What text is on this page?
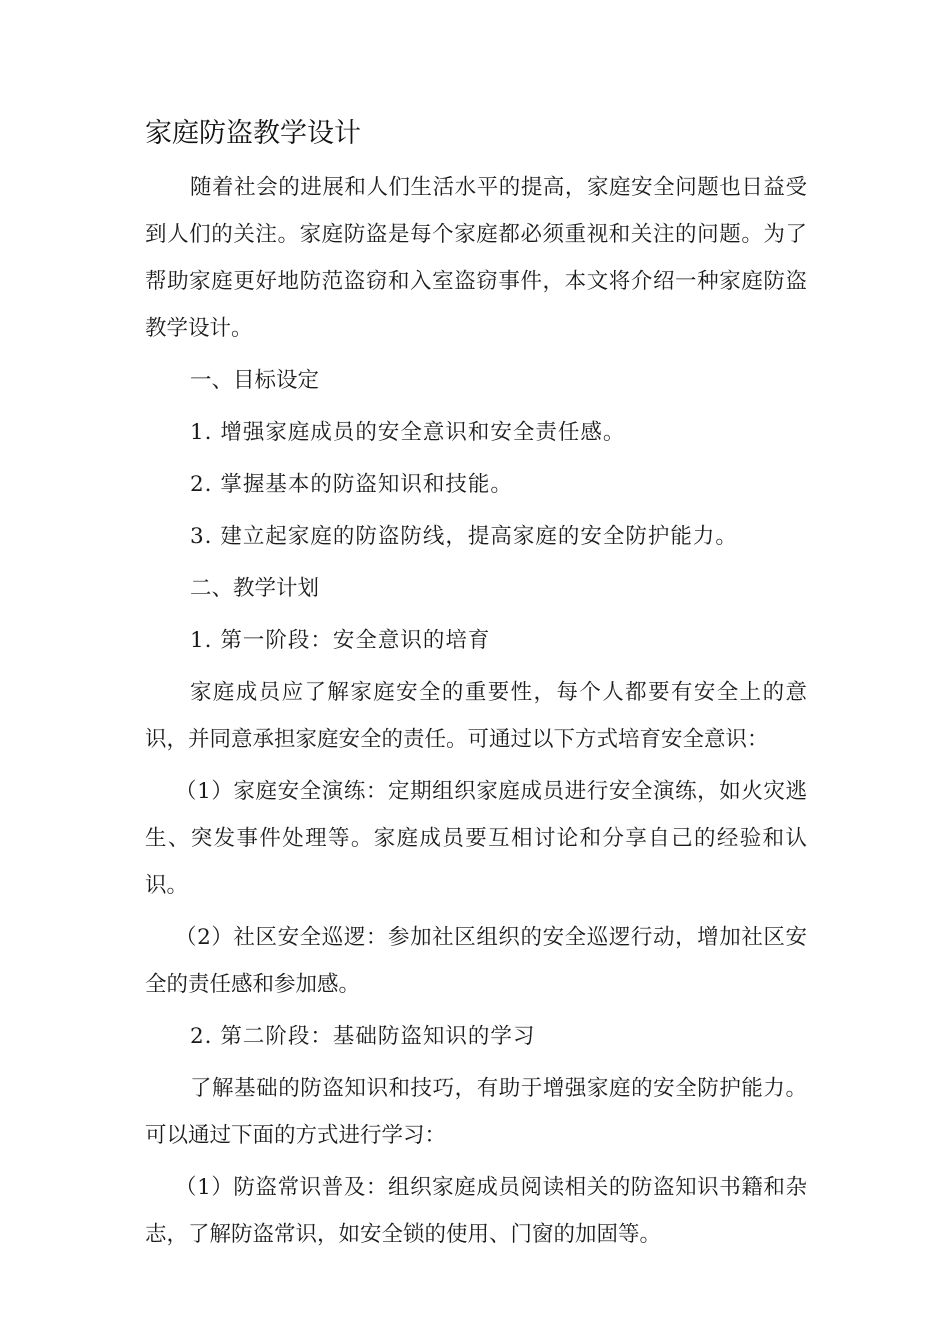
家庭防盗教学设计

随着社会的进展和人们生活水平的提高，家庭安全问题也日益受到人们的关注。家庭防盗是每个家庭都必须重视和关注的问题。为了帮助家庭更好地防范盗窃和入室盗窃事件，本文将介绍一种家庭防盗教学设计。

一、目标设定

1. 增强家庭成员的安全意识和安全责任感。

2. 掌握基本的防盗知识和技能。

3. 建立起家庭的防盗防线，提高家庭的安全防护能力。

二、教学计划

1. 第一阶段：安全意识的培育

家庭成员应了解家庭安全的重要性，每个人都要有安全上的意识，并同意承担家庭安全的责任。可通过以下方式培育安全意识：

（1）家庭安全演练：定期组织家庭成员进行安全演练，如火灾逃生、突发事件处理等。家庭成员要互相讨论和分享自己的经验和认识。

（2）社区安全巡逻：参加社区组织的安全巡逻行动，增加社区安全的责任感和参加感。

2. 第二阶段：基础防盗知识的学习

了解基础的防盗知识和技巧，有助于增强家庭的安全防护能力。可以通过下面的方式进行学习：

（1）防盗常识普及：组织家庭成员阅读相关的防盗知识书籍和杂志，了解防盗常识，如安全锁的使用、门窗的加固等。
